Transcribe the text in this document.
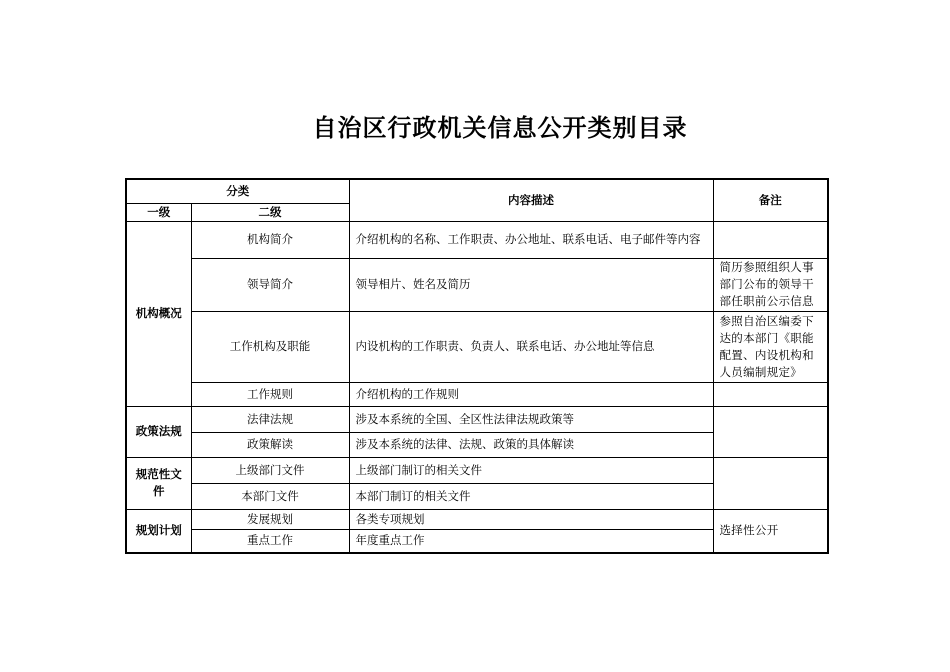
自治区行政机关信息公开类别目录
分类		内容描述	备注
一级	二级		
机构概况	机构简介	介绍机构的名称、工作职责、办公地址、联系电话、电子邮件等内容	
	领导简介	领导相片、姓名及简历	简历参照组织人事部门公布的领导干部任职前公示信息
	工作机构及职能	内设机构的工作职责、负责人、联系电话、办公地址等信息	参照自治区编委下达的本部门《职能配置、内设机构和人员编制规定》
	工作规则	介绍机构的工作规则	
政策法规	法律法规	涉及本系统的全国、全区性法律法规政策等	
	政策解读	涉及本系统的法律、法规、政策的具体解读	
规范性文件	上级部门文件	上级部门制订的相关文件	
	本部门文件	本部门制订的相关文件	
规划计划	发展规划	各类专项规划	选择性公开
	重点工作	年度重点工作	
